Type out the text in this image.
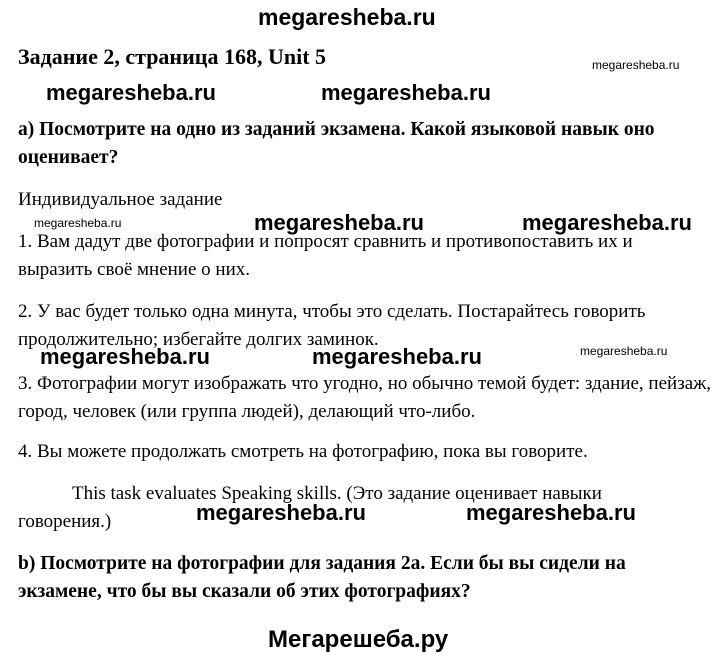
megaresheba.ru
Задание 2, страница 168, Unit 5	megaresheba.ru
megaresheba.ru	megaresheba.ru
а) Посмотрите на одно из заданий экзамена. Какой языковой навык оно оценивает?
Индивидуальное задание
megaresheba.ru	megaresheba.ru	megaresheba.ru
1. Вам дадут две фотографии и попросят сравнить и противопоставить их и выразить своё мнение о них.
2. У вас будет только одна минута, чтобы это сделать. Постарайтесь говорить продолжительно; избегайте долгих заминок.
megaresheba.ru	megaresheba.ru	megaresheba.ru
3. Фотографии могут изображать что угодно, но обычно темой будет: здание, пейзаж, город, человек (или группа людей), делающий что-либо.
4. Вы можете продолжать смотреть на фотографию, пока вы говорите.
This task evaluates Speaking skills. (Это задание оценивает навыки
говорения.)	megaresheba.ru	megaresheba.ru
b) Посмотрите на фотографии для задания 2а. Если бы вы сидели на экзамене, что бы вы сказали об этих фотографиях?
Мегарешеба.ру
